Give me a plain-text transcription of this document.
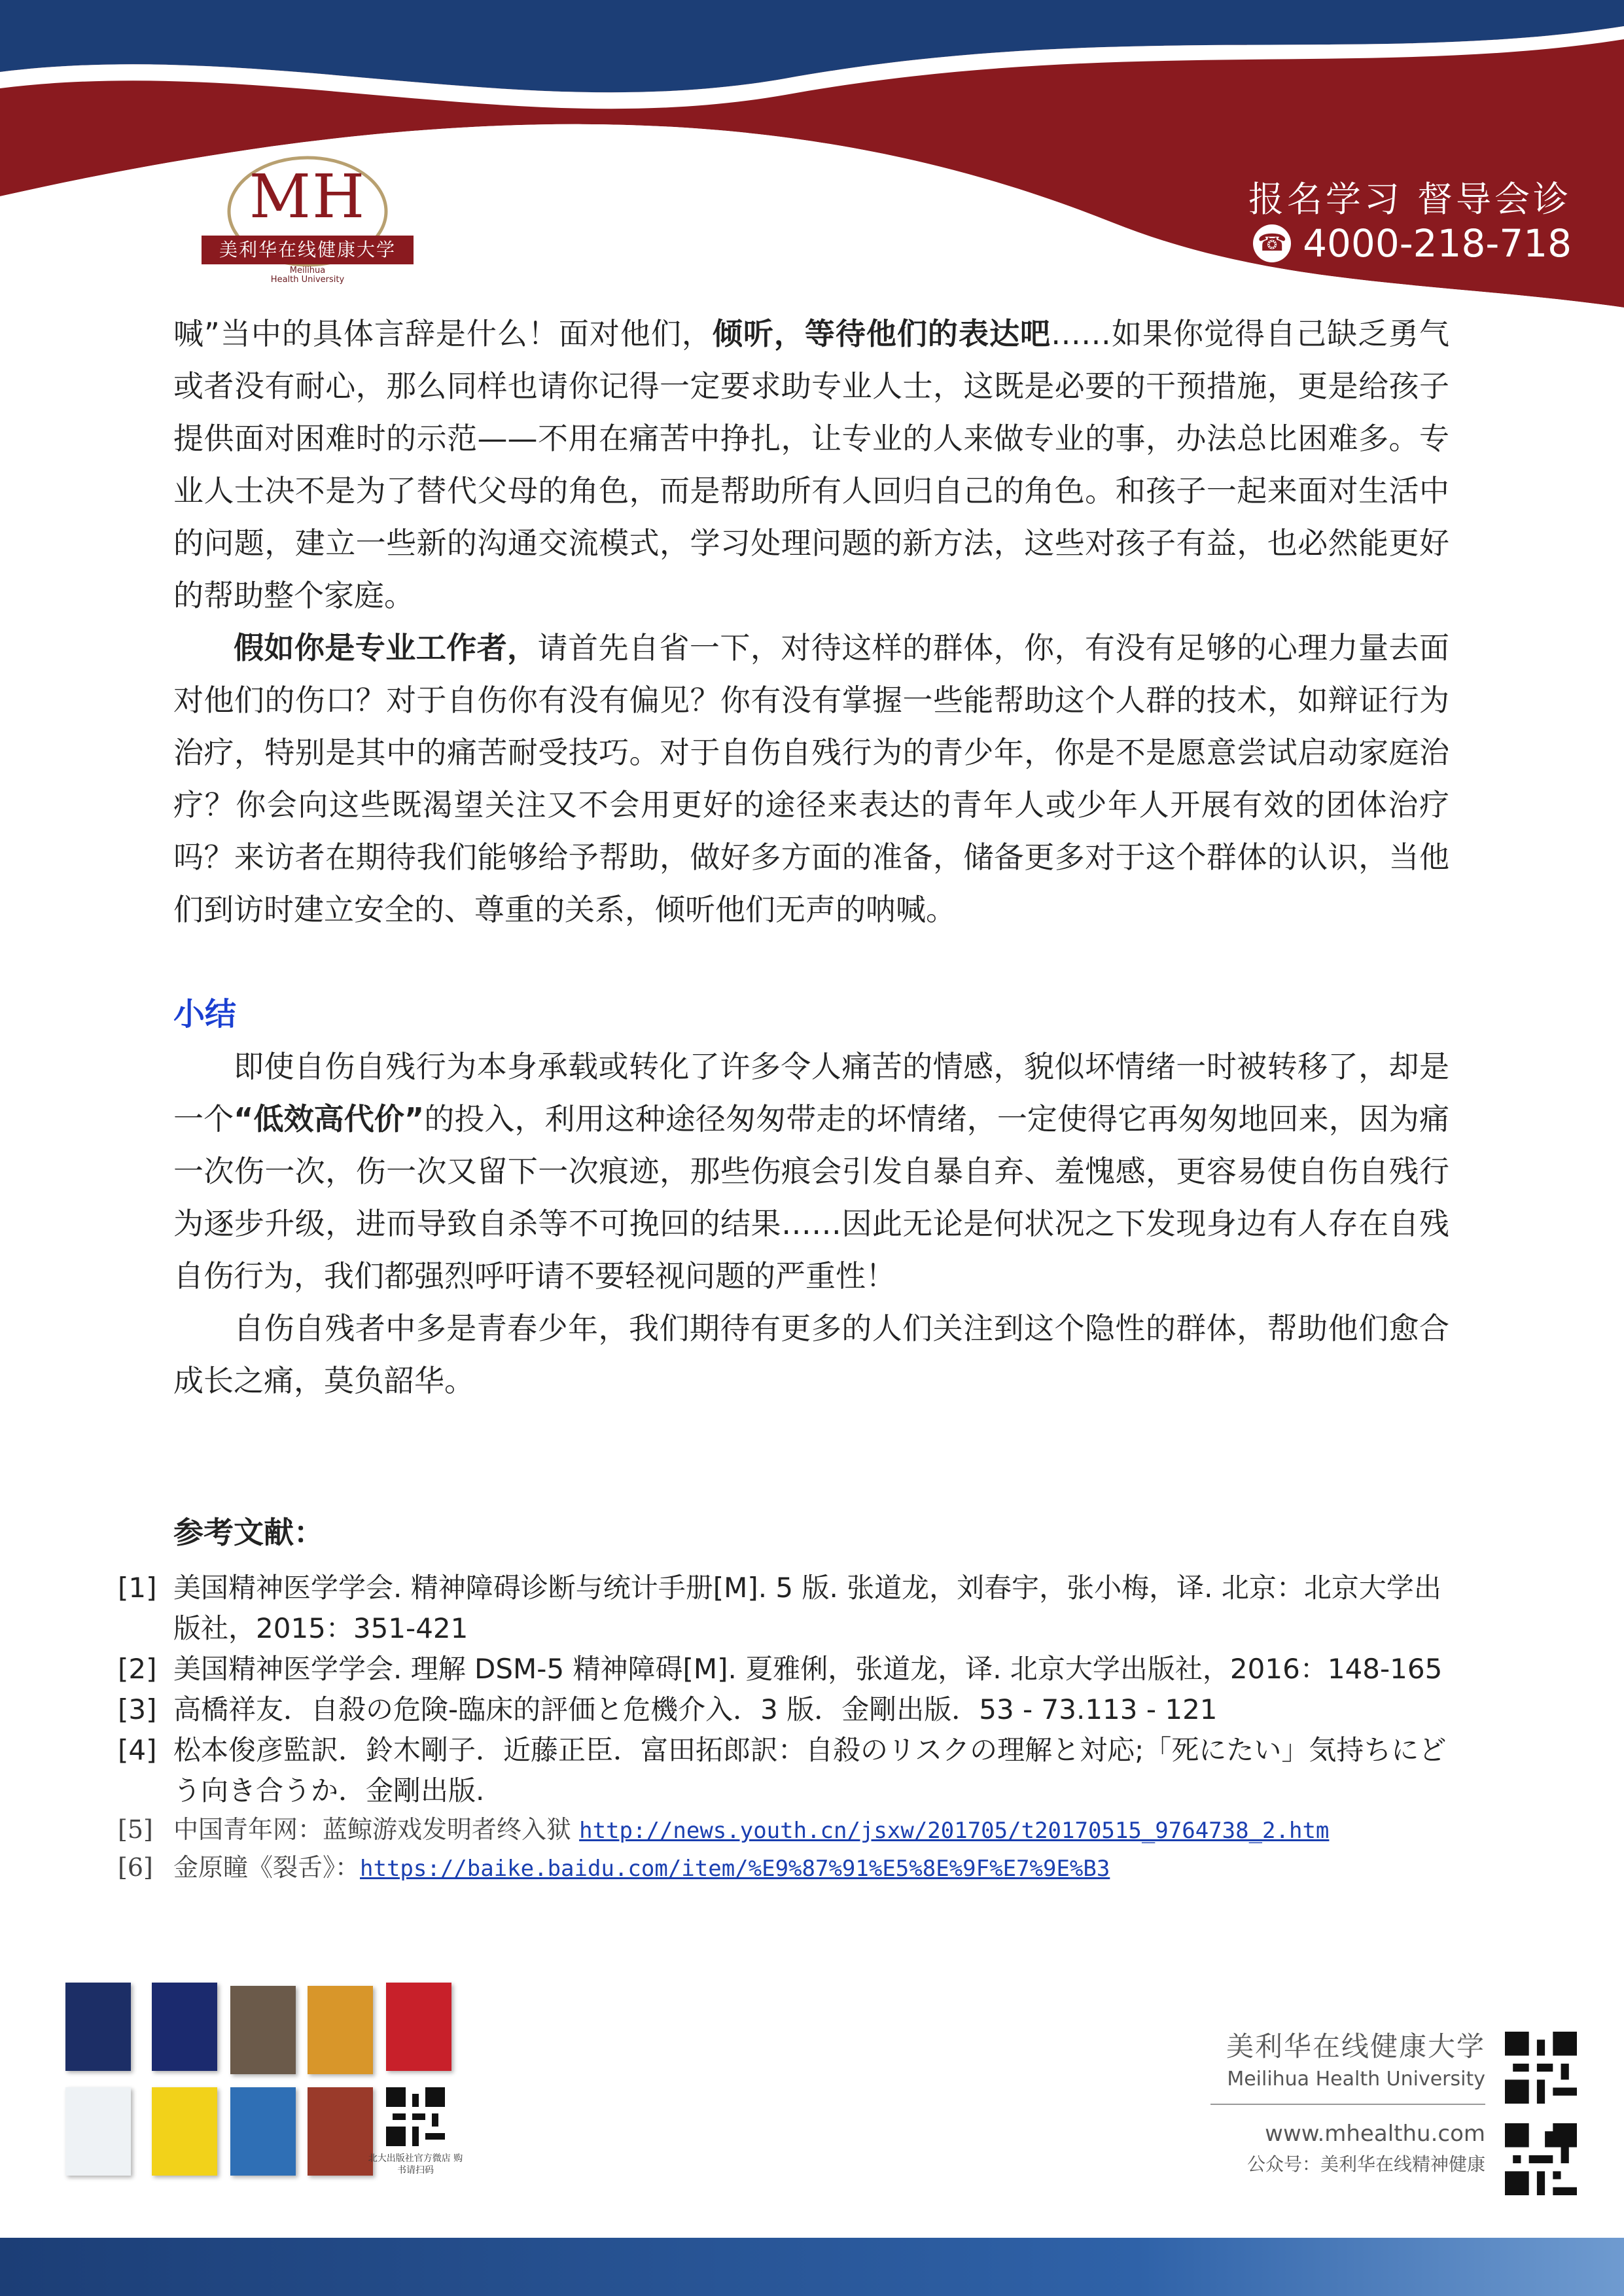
MH
美利华在线健康大学
Meilihua
Health University
报名学习 督导会诊
☎ 4000-218-718

喊”当中的具体言辞是什么！面对他们，倾听，等待他们的表达吧……如果你觉得自己缺乏勇气或者没有耐心，那么同样也请你记得一定要求助专业人士，这既是必要的干预措施，更是给孩子提供面对困难时的示范——不用在痛苦中挣扎，让专业的人来做专业的事，办法总比困难多。专业人士决不是为了替代父母的角色，而是帮助所有人回归自己的角色。和孩子一起来面对生活中的问题，建立一些新的沟通交流模式，学习处理问题的新方法，这些对孩子有益，也必然能更好的帮助整个家庭。

假如你是专业工作者，请首先自省一下，对待这样的群体，你，有没有足够的心理力量去面对他们的伤口？对于自伤你有没有偏见？你有没有掌握一些能帮助这个人群的技术，如辩证行为治疗，特别是其中的痛苦耐受技巧。对于自伤自残行为的青少年，你是不是愿意尝试启动家庭治疗？你会向这些既渴望关注又不会用更好的途径来表达的青年人或少年人开展有效的团体治疗吗？来访者在期待我们能够给予帮助，做好多方面的准备，储备更多对于这个群体的认识，当他们到访时建立安全的、尊重的关系，倾听他们无声的呐喊。

小结

即使自伤自残行为本身承载或转化了许多令人痛苦的情感，貌似坏情绪一时被转移了，却是一个“低效高代价”的投入，利用这种途径匆匆带走的坏情绪，一定使得它再匆匆地回来，因为痛一次伤一次，伤一次又留下一次痕迹，那些伤痕会引发自暴自弃、羞愧感，更容易使自伤自残行为逐步升级，进而导致自杀等不可挽回的结果……因此无论是何状况之下发现身边有人存在自残自伤行为，我们都强烈呼吁请不要轻视问题的严重性！

自伤自残者中多是青春少年，我们期待有更多的人们关注到这个隐性的群体，帮助他们愈合成长之痛，莫负韶华。

参考文献：

[1] 美国精神医学学会. 精神障碍诊断与统计手册[M]. 5 版. 张道龙，刘春宇，张小梅，译. 北京：北京大学出版社，2015：351-421
[2] 美国精神医学学会. 理解 DSM-5 精神障碍[M]. 夏雅俐，张道龙，译. 北京大学出版社，2016：148-165
[3] 高橋祥友．自殺の危険-臨床的評価と危機介入．3 版．金剛出版．53 - 73.113 - 121
[4] 松本俊彦監訳．鈴木剛子．近藤正臣．富田拓郎訳：自殺のリスクの理解と対応;「死にたい」気持ちにどう向き合うか．金剛出版.
[5] 中国青年网：蓝鲸游戏发明者终入狱 http://news.youth.cn/jsxw/201705/t20170515_9764738_2.htm
[6] 金原瞳《裂舌》：https://baike.baidu.com/item/%E9%87%91%E5%8E%9F%E7%9E%B3
北大出版社官方微店 购书请扫码
美利华在线健康大学
Meilihua Health University
www.mhealthu.com
公众号：美利华在线精神健康
